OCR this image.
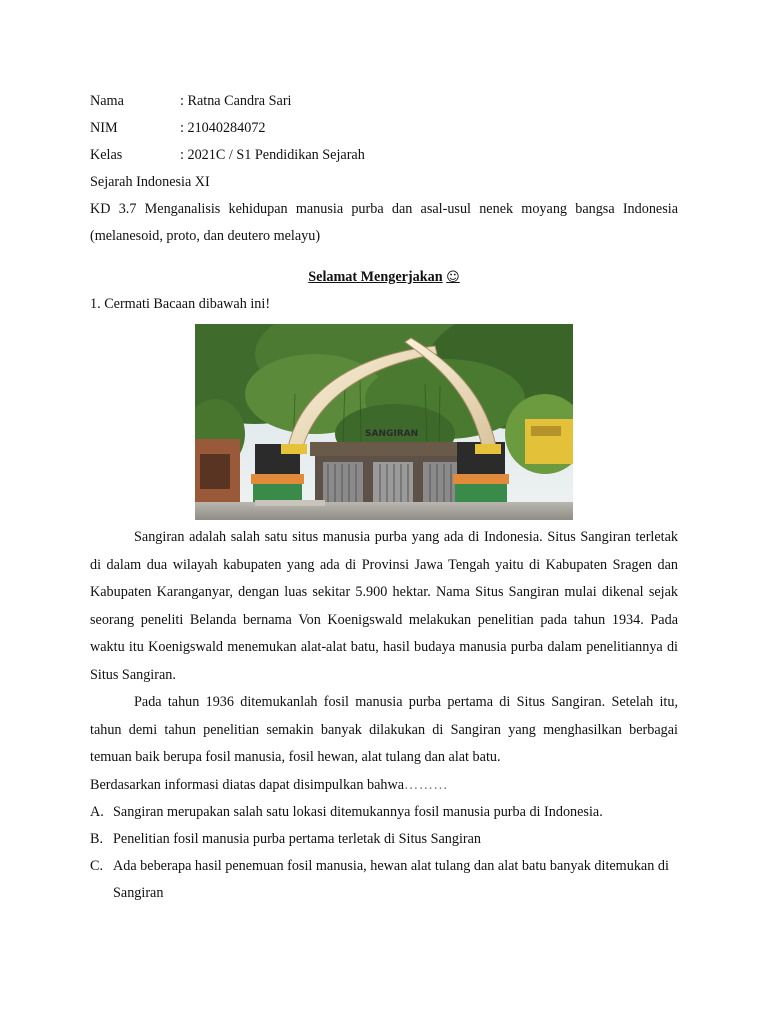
Nama	: Ratna Candra Sari
NIM	: 21040284072
Kelas	: 2021C / S1 Pendidikan Sejarah
Sejarah Indonesia XI
KD 3.7 Menganalisis kehidupan manusia purba dan asal-usul nenek moyang bangsa Indonesia (melanesoid, proto, dan deutero melayu)
Selamat Mengerjakan ☺
1. Cermati Bacaan dibawah ini!
SANGIRAN
Sangiran adalah salah satu situs manusia purba yang ada di Indonesia. Situs Sangiran terletak di dalam dua wilayah kabupaten yang ada di Provinsi Jawa Tengah yaitu di Kabupaten Sragen dan Kabupaten Karanganyar, dengan luas sekitar 5.900 hektar. Nama Situs Sangiran mulai dikenal sejak seorang peneliti Belanda bernama Von Koenigswald melakukan penelitian pada tahun 1934. Pada waktu itu Koenigswald menemukan alat-alat batu, hasil budaya manusia purba dalam penelitiannya di Situs Sangiran.
Pada tahun 1936 ditemukanlah fosil manusia purba pertama di Situs Sangiran. Setelah itu, tahun demi tahun penelitian semakin banyak dilakukan di Sangiran yang menghasilkan berbagai temuan baik berupa fosil manusia, fosil hewan, alat tulang dan alat batu.
Berdasarkan informasi diatas dapat disimpulkan bahwa………
A. Sangiran merupakan salah satu lokasi ditemukannya fosil manusia purba di Indonesia.
B. Penelitian fosil manusia purba pertama terletak di Situs Sangiran
C. Ada beberapa hasil penemuan fosil manusia, hewan alat tulang dan alat batu banyak ditemukan di Sangiran
